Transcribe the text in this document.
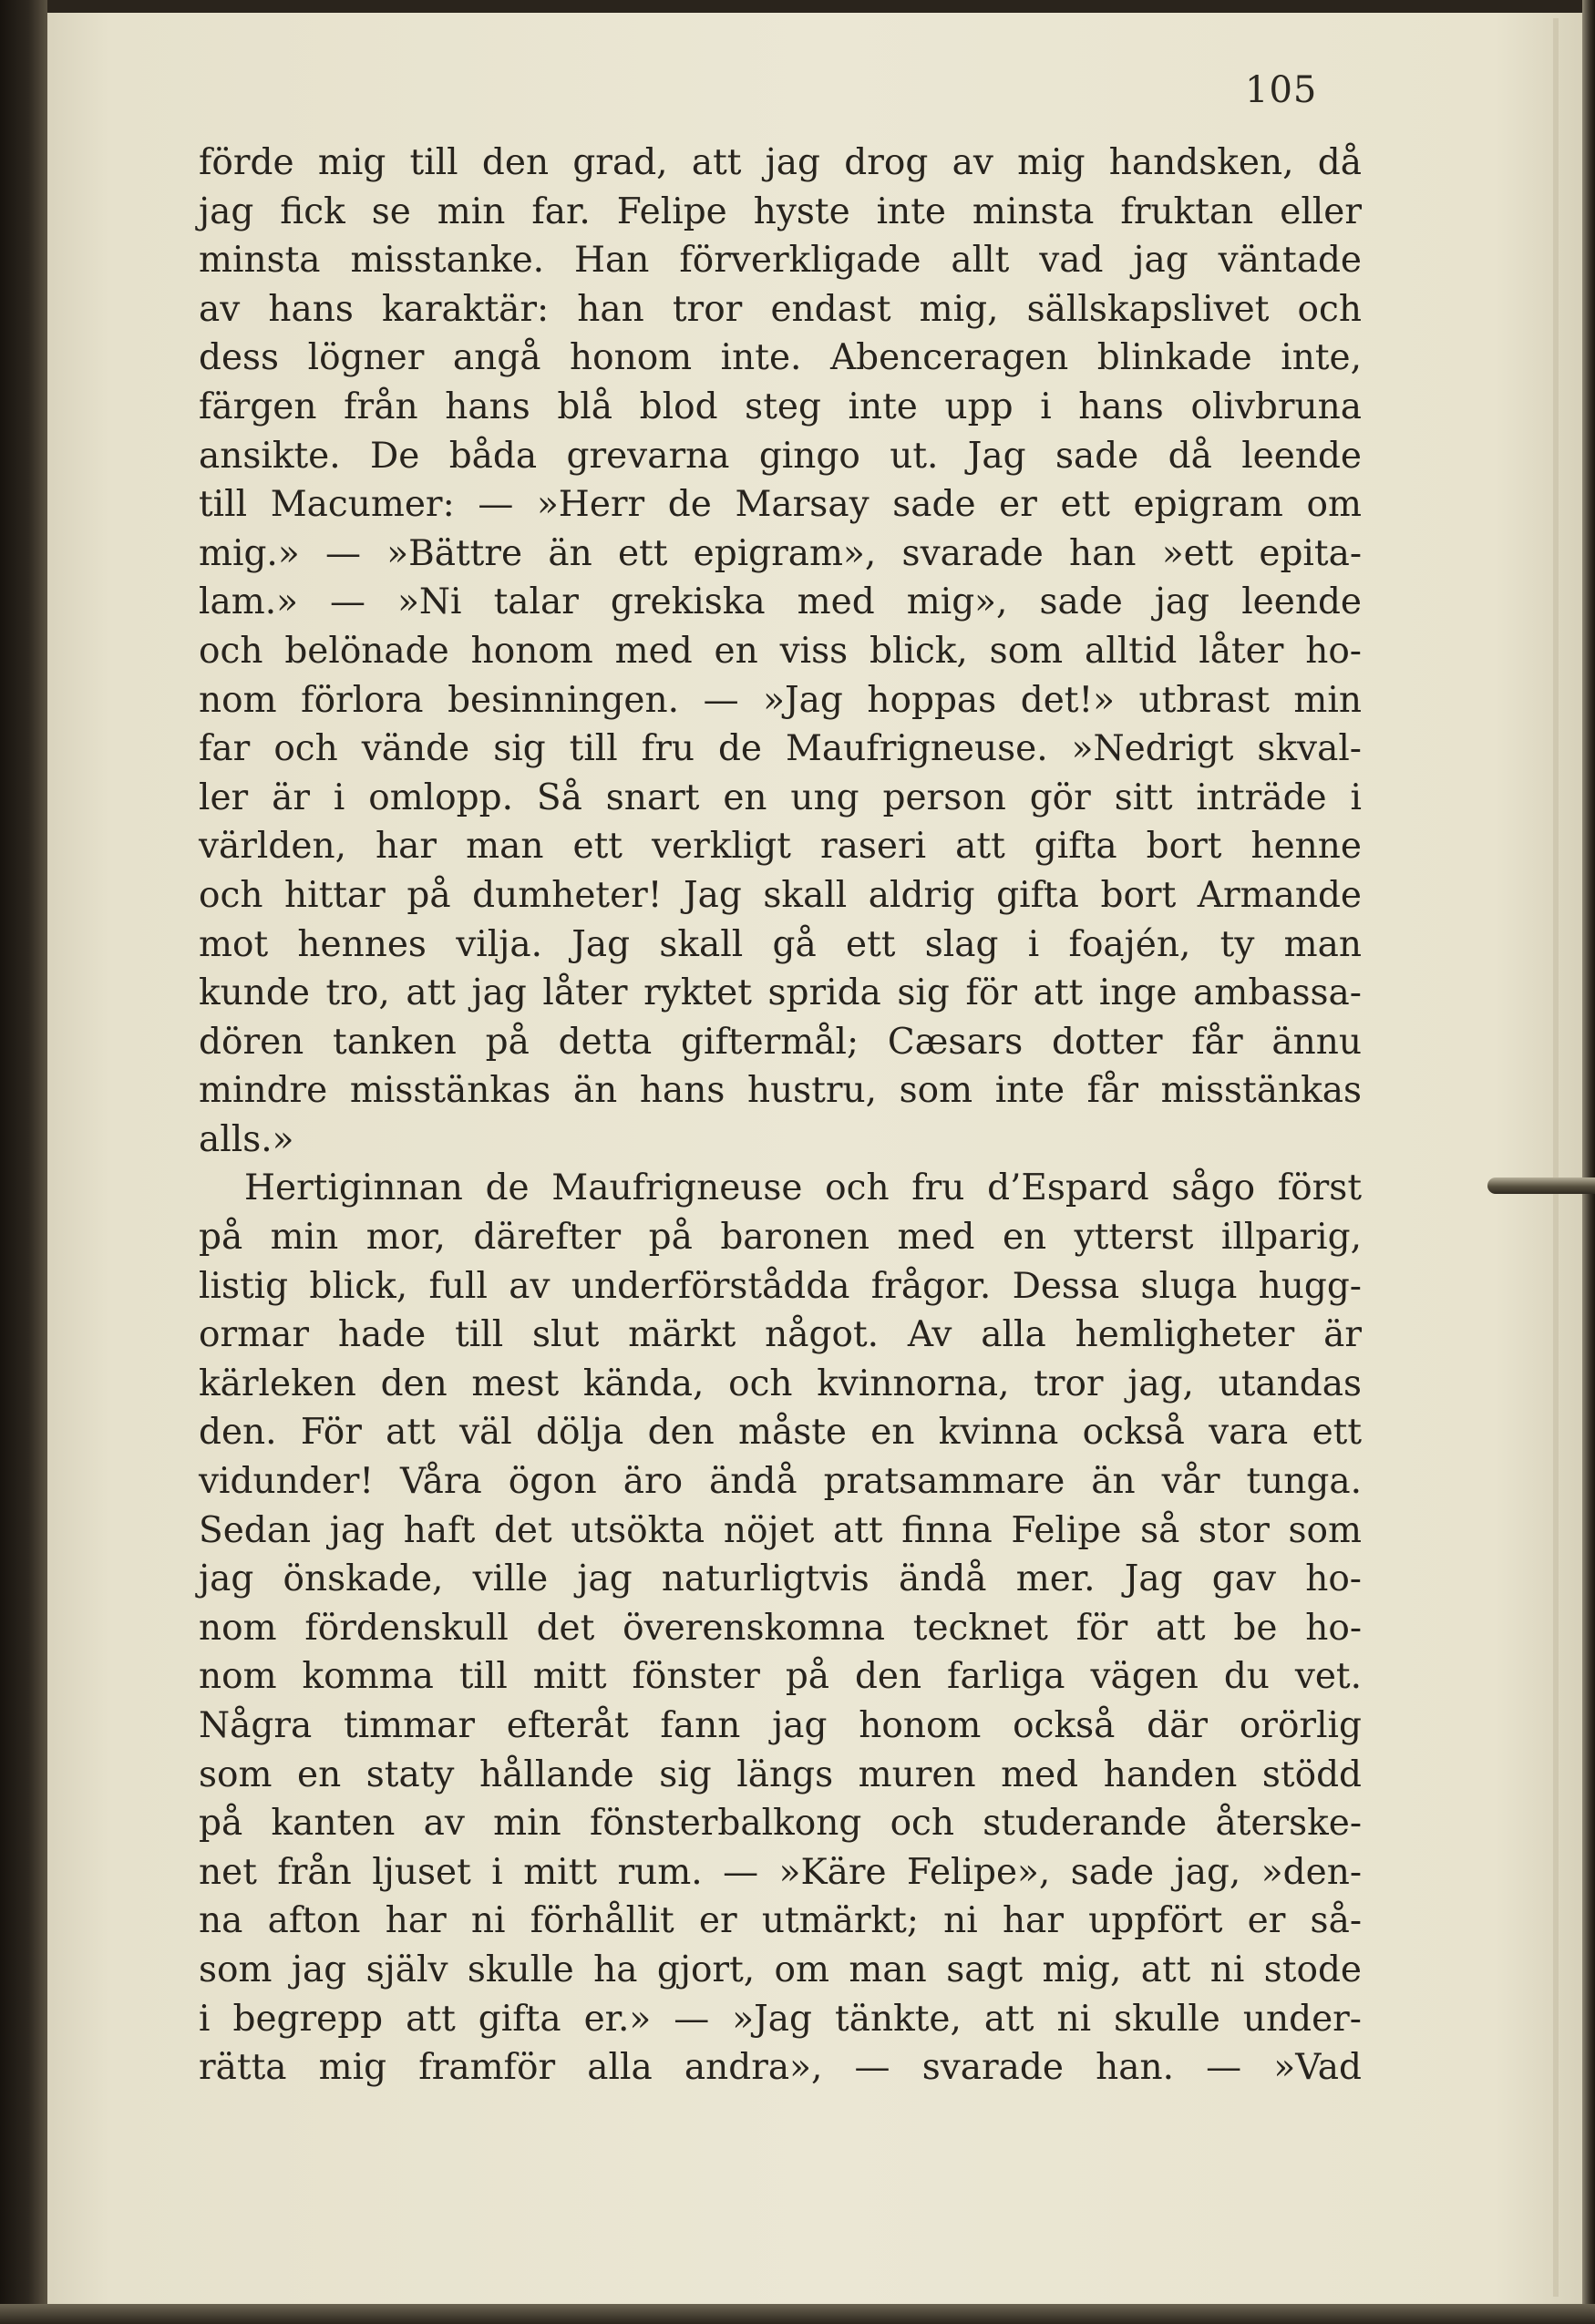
105
förde mig till den grad, att jag drog av mig handsken, då
jag fick se min far. Felipe hyste inte minsta fruktan eller
minsta misstanke. Han förverkligade allt vad jag väntade
av hans karaktär: han tror endast mig, sällskapslivet och
dess lögner angå honom inte. Abenceragen blinkade inte,
färgen från hans blå blod steg inte upp i hans olivbruna
ansikte. De båda grevarna gingo ut. Jag sade då leende
till Macumer: — »Herr de Marsay sade er ett epigram om
mig.» — »Bättre än ett epigram», svarade han »ett epita-
lam.» — »Ni talar grekiska med mig», sade jag leende
och belönade honom med en viss blick, som alltid låter ho-
nom förlora besinningen. — »Jag hoppas det!» utbrast min
far och vände sig till fru de Maufrigneuse. »Nedrigt skval-
ler är i omlopp. Så snart en ung person gör sitt inträde i
världen, har man ett verkligt raseri att gifta bort henne
och hittar på dumheter! Jag skall aldrig gifta bort Armande
mot hennes vilja. Jag skall gå ett slag i foajén, ty man
kunde tro, att jag låter ryktet sprida sig för att inge ambassa-
dören tanken på detta giftermål; Cæsars dotter får ännu
mindre misstänkas än hans hustru, som inte får misstänkas
alls.»
Hertiginnan de Maufrigneuse och fru d’Espard sågo först
på min mor, därefter på baronen med en ytterst illparig,
listig blick, full av underförstådda frågor. Dessa sluga hugg-
ormar hade till slut märkt något. Av alla hemligheter är
kärleken den mest kända, och kvinnorna, tror jag, utandas
den. För att väl dölja den måste en kvinna också vara ett
vidunder! Våra ögon äro ändå pratsammare än vår tunga.
Sedan jag haft det utsökta nöjet att finna Felipe så stor som
jag önskade, ville jag naturligtvis ändå mer. Jag gav ho-
nom fördenskull det överenskomna tecknet för att be ho-
nom komma till mitt fönster på den farliga vägen du vet.
Några timmar efteråt fann jag honom också där orörlig
som en staty hållande sig längs muren med handen stödd
på kanten av min fönsterbalkong och studerande återske-
net från ljuset i mitt rum. — »Käre Felipe», sade jag, »den-
na afton har ni förhållit er utmärkt; ni har uppfört er så-
som jag själv skulle ha gjort, om man sagt mig, att ni stode
i begrepp att gifta er.» — »Jag tänkte, att ni skulle under-
rätta mig framför alla andra», — svarade han. — »Vad
